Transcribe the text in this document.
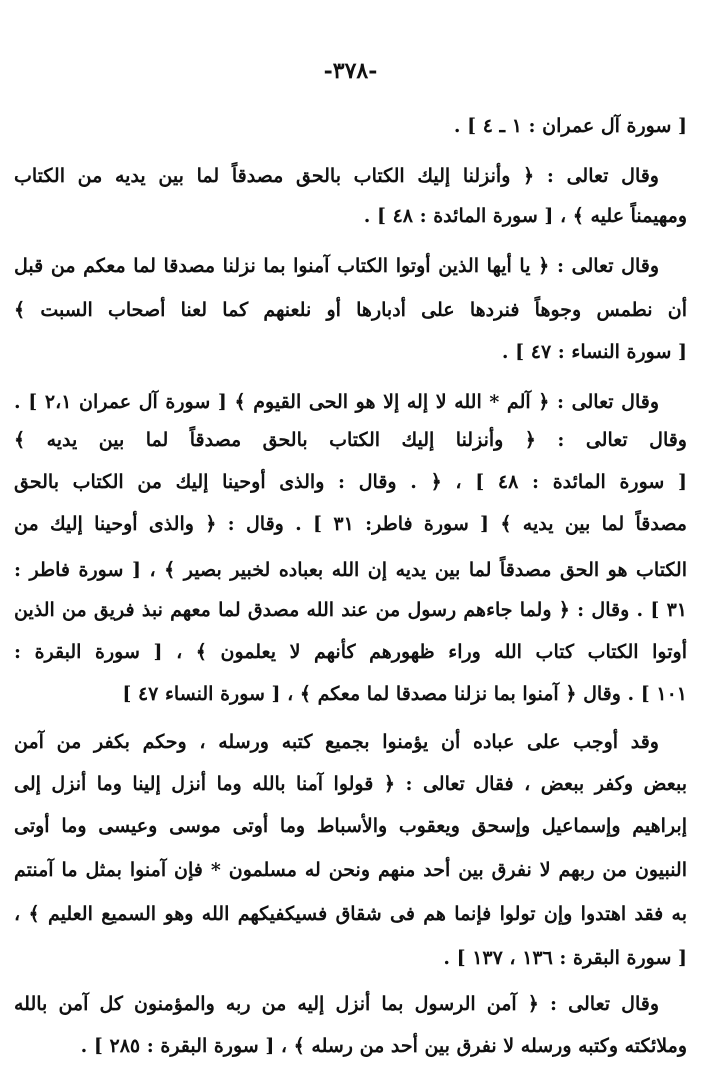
-٣٧٨-
[ سورة آل عمران : ١ ـ ٤ ] .
وقال تعالى : ﴿ وأنزلنا إليك الكتاب بالحق مصدقاً لما بين يديه من الكتاب
ومهيمناً عليه ﴾ ، [ سورة المائدة : ٤٨ ] .
وقال تعالى : ﴿ يا أيها الذين أوتوا الكتاب آمنوا بما نزلنا مصدقا لما معكم من قبل
أن نطمس وجوهاً فنردها على أدبارها أو نلعنهم كما لعنا أصحاب السبت ﴾
[ سورة النساء : ٤٧ ] .
وقال تعالى : ﴿ آلم * الله لا إله إلا هو الحى القيوم ﴾ [ سورة آل عمران ٢،١ ] .
وقال تعالى : ﴿ وأنزلنا إليك الكتاب بالحق مصدقاً لما بين يديه ﴾
[ سورة المائدة : ٤٨ ] ، ﴿ . وقال : والذى أوحينا إليك من الكتاب بالحق
مصدقاً لما بين يديه ﴾ [ سورة فاطر: ٣١ ] . وقال : ﴿ والذى أوحينا إليك من
الكتاب هو الحق مصدقاً لما بين يديه إن الله بعباده لخبير بصير ﴾ ، [ سورة فاطر :
٣١ ] . وقال : ﴿ ولما جاءهم رسول من عند الله مصدق لما معهم نبذ فريق من الذين
أوتوا الكتاب كتاب الله وراء ظهورهم كأنهم لا يعلمون ﴾ ، [ سورة البقرة :
١٠١ ] . وقال ﴿ آمنوا بما نزلنا مصدقا لما معكم ﴾ ، [ سورة النساء ٤٧ ]
وقد أوجب على عباده أن يؤمنوا بجميع كتبه ورسله ، وحكم بكفر من آمن
ببعض وكفر ببعض ، فقال تعالى : ﴿ قولوا آمنا بالله وما أنزل إلينا وما أنزل إلى
إبراهيم وإسماعيل وإسحق ويعقوب والأسباط وما أوتى موسى وعيسى وما أوتى
النبيون من ربهم لا نفرق بين أحد منهم ونحن له مسلمون * فإن آمنوا بمثل ما آمنتم
به فقد اهتدوا وإن تولوا فإنما هم فى شقاق فسيكفيكهم الله وهو السميع العليم ﴾ ،
[ سورة البقرة : ١٣٦ ، ١٣٧ ] .
وقال تعالى : ﴿ آمن الرسول بما أنزل إليه من ربه والمؤمنون كل آمن بالله
وملائكته وكتبه ورسله لا نفرق بين أحد من رسله ﴾ ، [ سورة البقرة : ٢٨٥ ] .
